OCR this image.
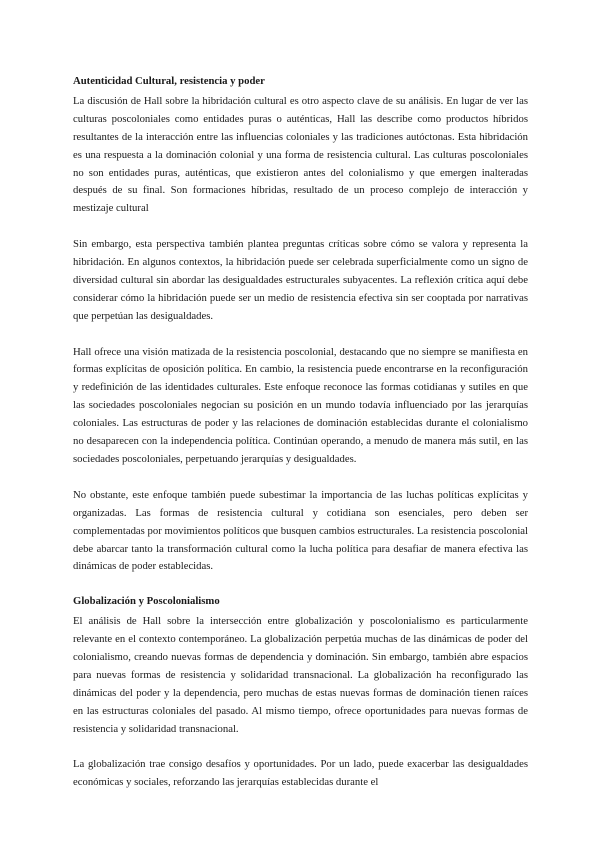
Autenticidad Cultural, resistencia y poder

La discusión de Hall sobre la hibridación cultural es otro aspecto clave de su análisis. En lugar de ver las culturas poscoloniales como entidades puras o auténticas, Hall las describe como productos híbridos resultantes de la interacción entre las influencias coloniales y las tradiciones autóctonas. Esta hibridación es una respuesta a la dominación colonial y una forma de resistencia cultural. Las culturas poscoloniales no son entidades puras, auténticas, que existieron antes del colonialismo y que emergen inalteradas después de su final. Son formaciones híbridas, resultado de un proceso complejo de interacción y mestizaje cultural

Sin embargo, esta perspectiva también plantea preguntas críticas sobre cómo se valora y representa la hibridación. En algunos contextos, la hibridación puede ser celebrada superficialmente como un signo de diversidad cultural sin abordar las desigualdades estructurales subyacentes. La reflexión crítica aquí debe considerar cómo la hibridación puede ser un medio de resistencia efectiva sin ser cooptada por narrativas que perpetúan las desigualdades.

Hall ofrece una visión matizada de la resistencia poscolonial, destacando que no siempre se manifiesta en formas explícitas de oposición política. En cambio, la resistencia puede encontrarse en la reconfiguración y redefinición de las identidades culturales. Este enfoque reconoce las formas cotidianas y sutiles en que las sociedades poscoloniales negocian su posición en un mundo todavía influenciado por las jerarquías coloniales. Las estructuras de poder y las relaciones de dominación establecidas durante el colonialismo no desaparecen con la independencia política. Continúan operando, a menudo de manera más sutil, en las sociedades poscoloniales, perpetuando jerarquías y desigualdades.

No obstante, este enfoque también puede subestimar la importancia de las luchas políticas explícitas y organizadas. Las formas de resistencia cultural y cotidiana son esenciales, pero deben ser complementadas por movimientos políticos que busquen cambios estructurales. La resistencia poscolonial debe abarcar tanto la transformación cultural como la lucha política para desafiar de manera efectiva las dinámicas de poder establecidas.

Globalización y Poscolonialismo

El análisis de Hall sobre la intersección entre globalización y poscolonialismo es particularmente relevante en el contexto contemporáneo. La globalización perpetúa muchas de las dinámicas de poder del colonialismo, creando nuevas formas de dependencia y dominación. Sin embargo, también abre espacios para nuevas formas de resistencia y solidaridad transnacional. La globalización ha reconfigurado las dinámicas del poder y la dependencia, pero muchas de estas nuevas formas de dominación tienen raíces en las estructuras coloniales del pasado. Al mismo tiempo, ofrece oportunidades para nuevas formas de resistencia y solidaridad transnacional.

La globalización trae consigo desafíos y oportunidades. Por un lado, puede exacerbar las desigualdades económicas y sociales, reforzando las jerarquías establecidas durante el
